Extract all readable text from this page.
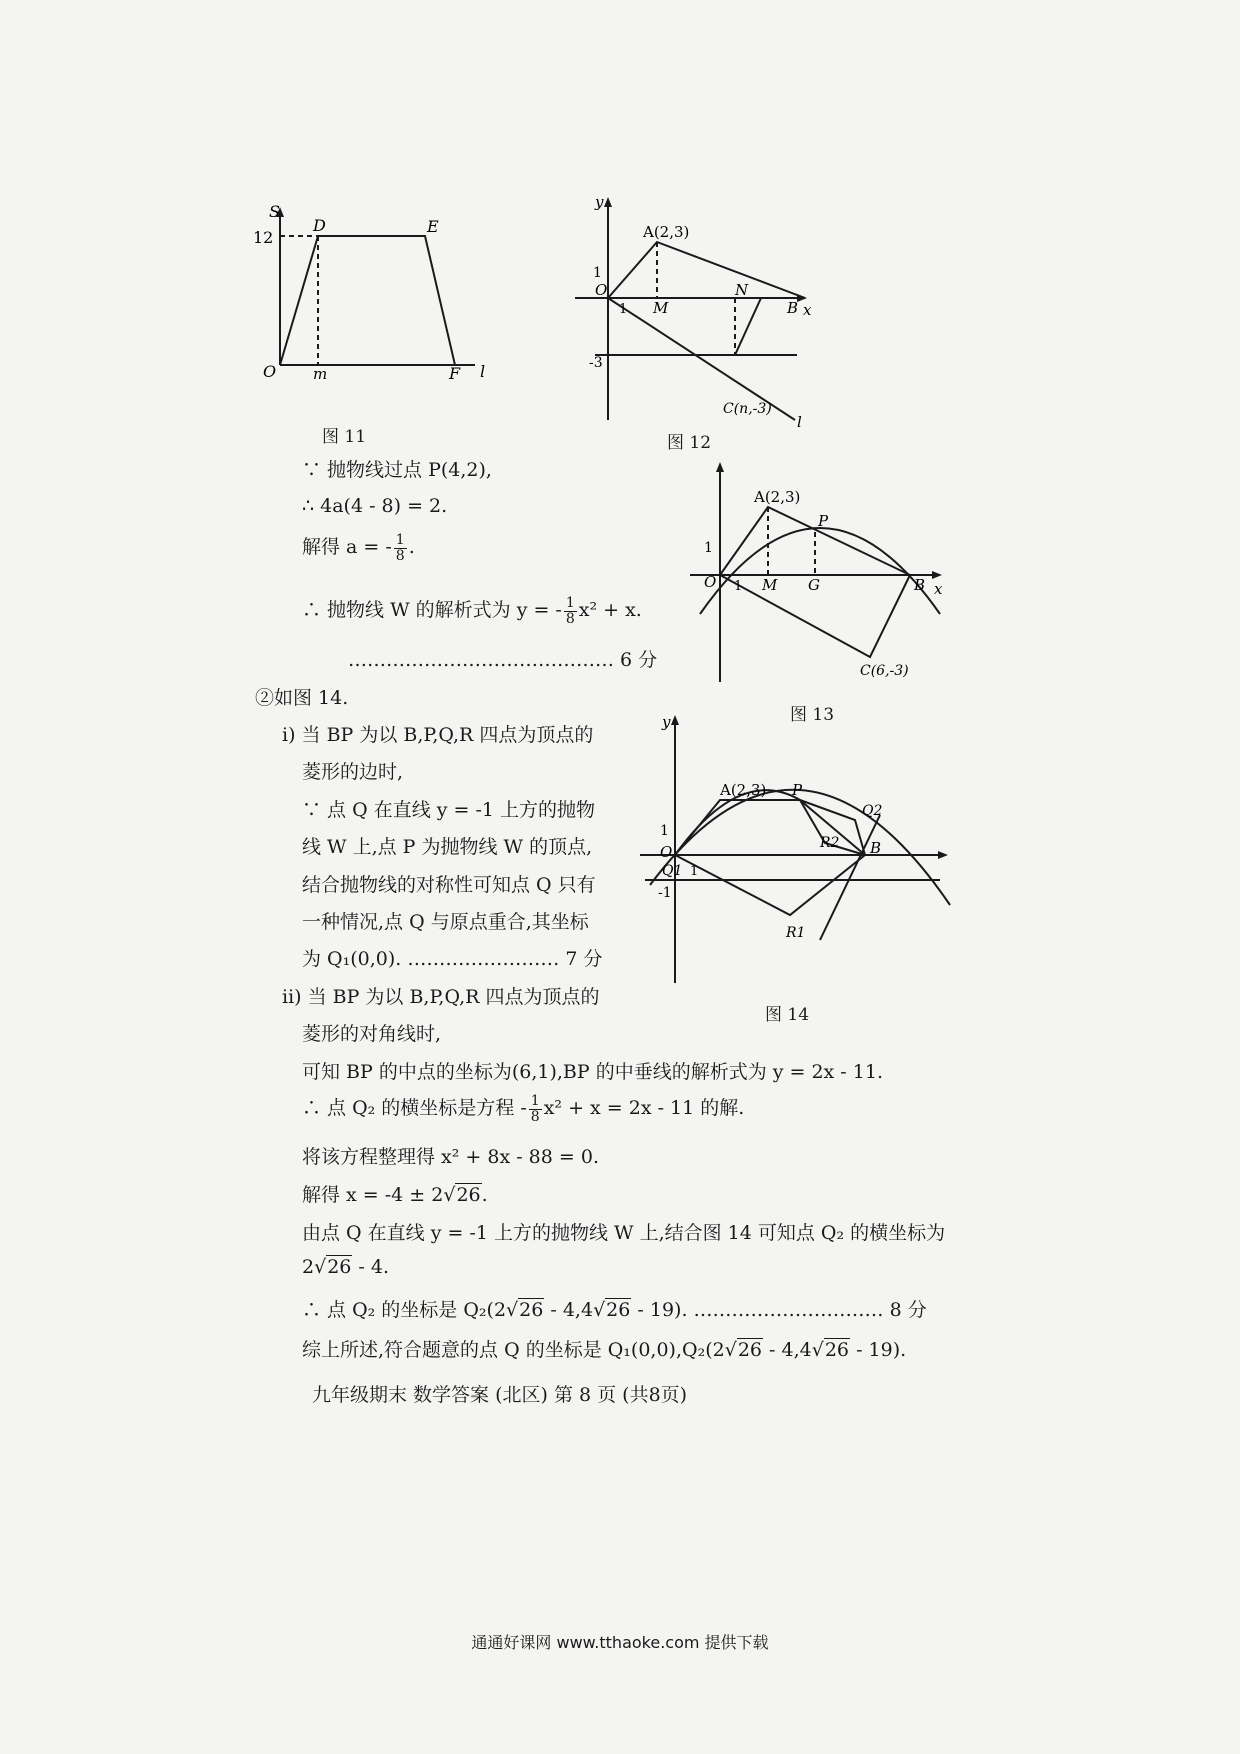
S
12
D	E
O m	F l
图 11
y
x
A(2,3)
1
O
1 M
N
B
-3
C(n,-3)
l
图 12
A(2,3)
P
1
O 1 M G	B x
C(6,-3)
图 13
y
A(2,3) P
Q2
1
R2
O	B
Q1 1
-1
R1
图 14
∵ 抛物线过点 P(4,2),
∴ 4a(4 - 8) = 2.
解得 a = - $\frac{1}{8}$ .
∴ 抛物线 W 的解析式为 y = - $\frac{1}{8} x^2 + x$.
…………………………………… 6 分
②如图 14.
ⅰ) 当 BP 为以 B,P,Q,R 四点为顶点的
菱形的边时,
∵ 点 Q 在直线 y = -1 上方的抛物
线 W 上,点 P 为抛物线 W 的顶点,
结合抛物线的对称性可知点 Q 只有
一种情况,点 Q 与原点重合,其坐标
为 Q₁(0,0). …………………… 7 分
ⅱ) 当 BP 为以 B,P,Q,R 四点为顶点的
菱形的对角线时,
可知 BP 的中点的坐标为(6,1),BP 的中垂线的解析式为 y = 2x - 11.
∴ 点 Q₂ 的横坐标是方程 - $\frac{1}{8} x^2 + x = 2x - 11$ 的解.
将该方程整理得 x² + 8x - 88 = 0.
解得 x = -4 ± 2√26.
由点 Q 在直线 y = -1 上方的抛物线 W 上,结合图 14 可知点 Q₂ 的横坐标为
2√26 - 4.
∴ 点 Q₂ 的坐标是 Q₂(2√26 - 4,4√26 - 19). ………………………… 8 分
综上所述,符合题意的点 Q 的坐标是 Q₁(0,0),Q₂(2√26 - 4,4√26 - 19).
九年级期末 数学答案 (北区) 第 8 页 (共8页)
通通好课网 www.tthaoke.com 提供下载
